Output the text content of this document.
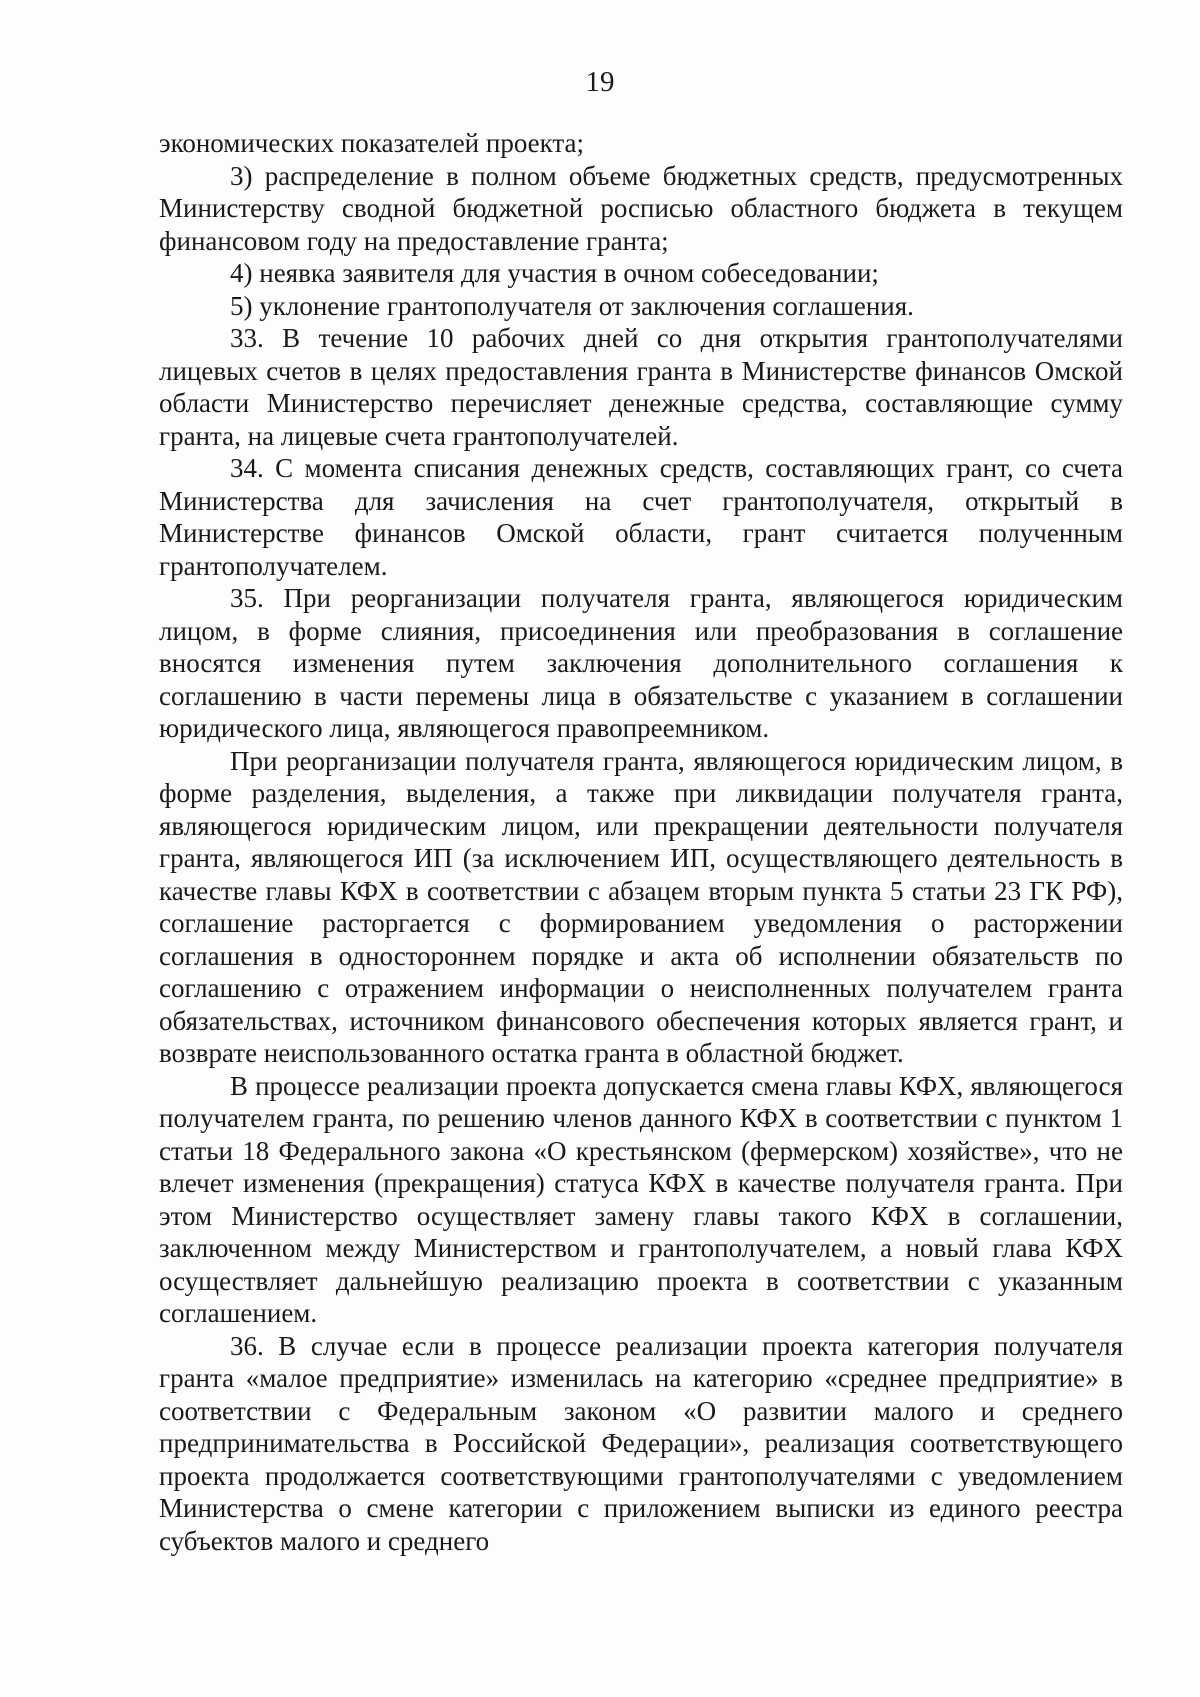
19

экономических показателей проекта;

3) распределение в полном объеме бюджетных средств, предусмотренных Министерству сводной бюджетной росписью областного бюджета в текущем финансовом году на предоставление гранта;

4) неявка заявителя для участия в очном собеседовании;

5) уклонение грантополучателя от заключения соглашения.

33. В течение 10 рабочих дней со дня открытия грантополучателями лицевых счетов в целях предоставления гранта в Министерстве финансов Омской области Министерство перечисляет денежные средства, составляющие сумму гранта, на лицевые счета грантополучателей.

34. С момента списания денежных средств, составляющих грант, со счета Министерства для зачисления на счет грантополучателя, открытый в Министерстве финансов Омской области, грант считается полученным грантополучателем.

35. При реорганизации получателя гранта, являющегося юридическим лицом, в форме слияния, присоединения или преобразования в соглашение вносятся изменения путем заключения дополнительного соглашения к соглашению в части перемены лица в обязательстве с указанием в соглашении юридического лица, являющегося правопреемником.

При реорганизации получателя гранта, являющегося юридическим лицом, в форме разделения, выделения, а также при ликвидации получателя гранта, являющегося юридическим лицом, или прекращении деятельности получателя гранта, являющегося ИП (за исключением ИП, осуществляющего деятельность в качестве главы КФХ в соответствии с абзацем вторым пункта 5 статьи 23 ГК РФ), соглашение расторгается с формированием уведомления о расторжении соглашения в одностороннем порядке и акта об исполнении обязательств по соглашению с отражением информации о неисполненных получателем гранта обязательствах, источником финансового обеспечения которых является грант, и возврате неиспользованного остатка гранта в областной бюджет.

В процессе реализации проекта допускается смена главы КФХ, являющегося получателем гранта, по решению членов данного КФХ в соответствии с пунктом 1 статьи 18 Федерального закона «О крестьянском (фермерском) хозяйстве», что не влечет изменения (прекращения) статуса КФХ в качестве получателя гранта. При этом Министерство осуществляет замену главы такого КФХ в соглашении, заключенном между Министерством и грантополучателем, а новый глава КФХ осуществляет дальнейшую реализацию проекта в соответствии с указанным соглашением.

36. В случае если в процессе реализации проекта категория получателя гранта «малое предприятие» изменилась на категорию «среднее предприятие» в соответствии с Федеральным законом «О развитии малого и среднего предпринимательства в Российской Федерации», реализация соответствующего проекта продолжается соответствующими грантополучателями с уведомлением Министерства о смене категории с приложением выписки из единого реестра субъектов малого и среднего
